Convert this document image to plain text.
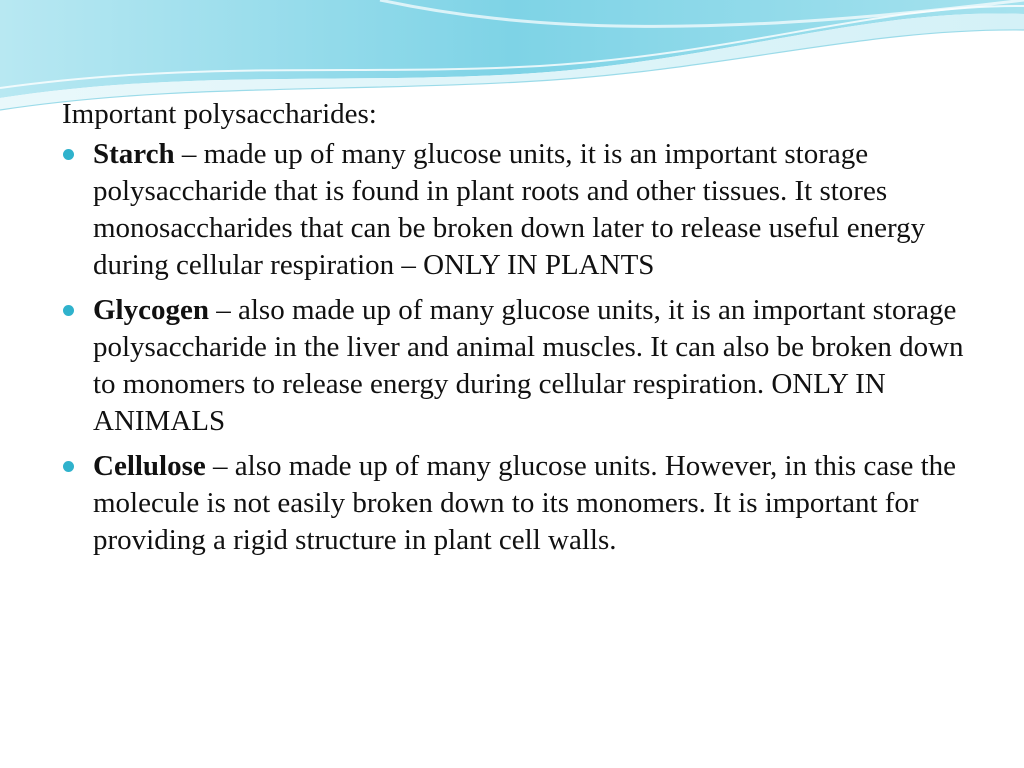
Important polysaccharides:
Starch – made up of many glucose units, it is an important storage polysaccharide that is found in plant roots and other tissues. It stores monosaccharides that can be broken down later to release useful energy during cellular respiration – ONLY IN PLANTS
Glycogen – also made up of many glucose units, it is an important storage polysaccharide in the liver and animal muscles. It can also be broken down to monomers to release energy during cellular respiration. ONLY IN ANIMALS
Cellulose – also made up of many glucose units. However, in this case the molecule is not easily broken down to its monomers. It is important for providing a rigid structure in plant cell walls.
